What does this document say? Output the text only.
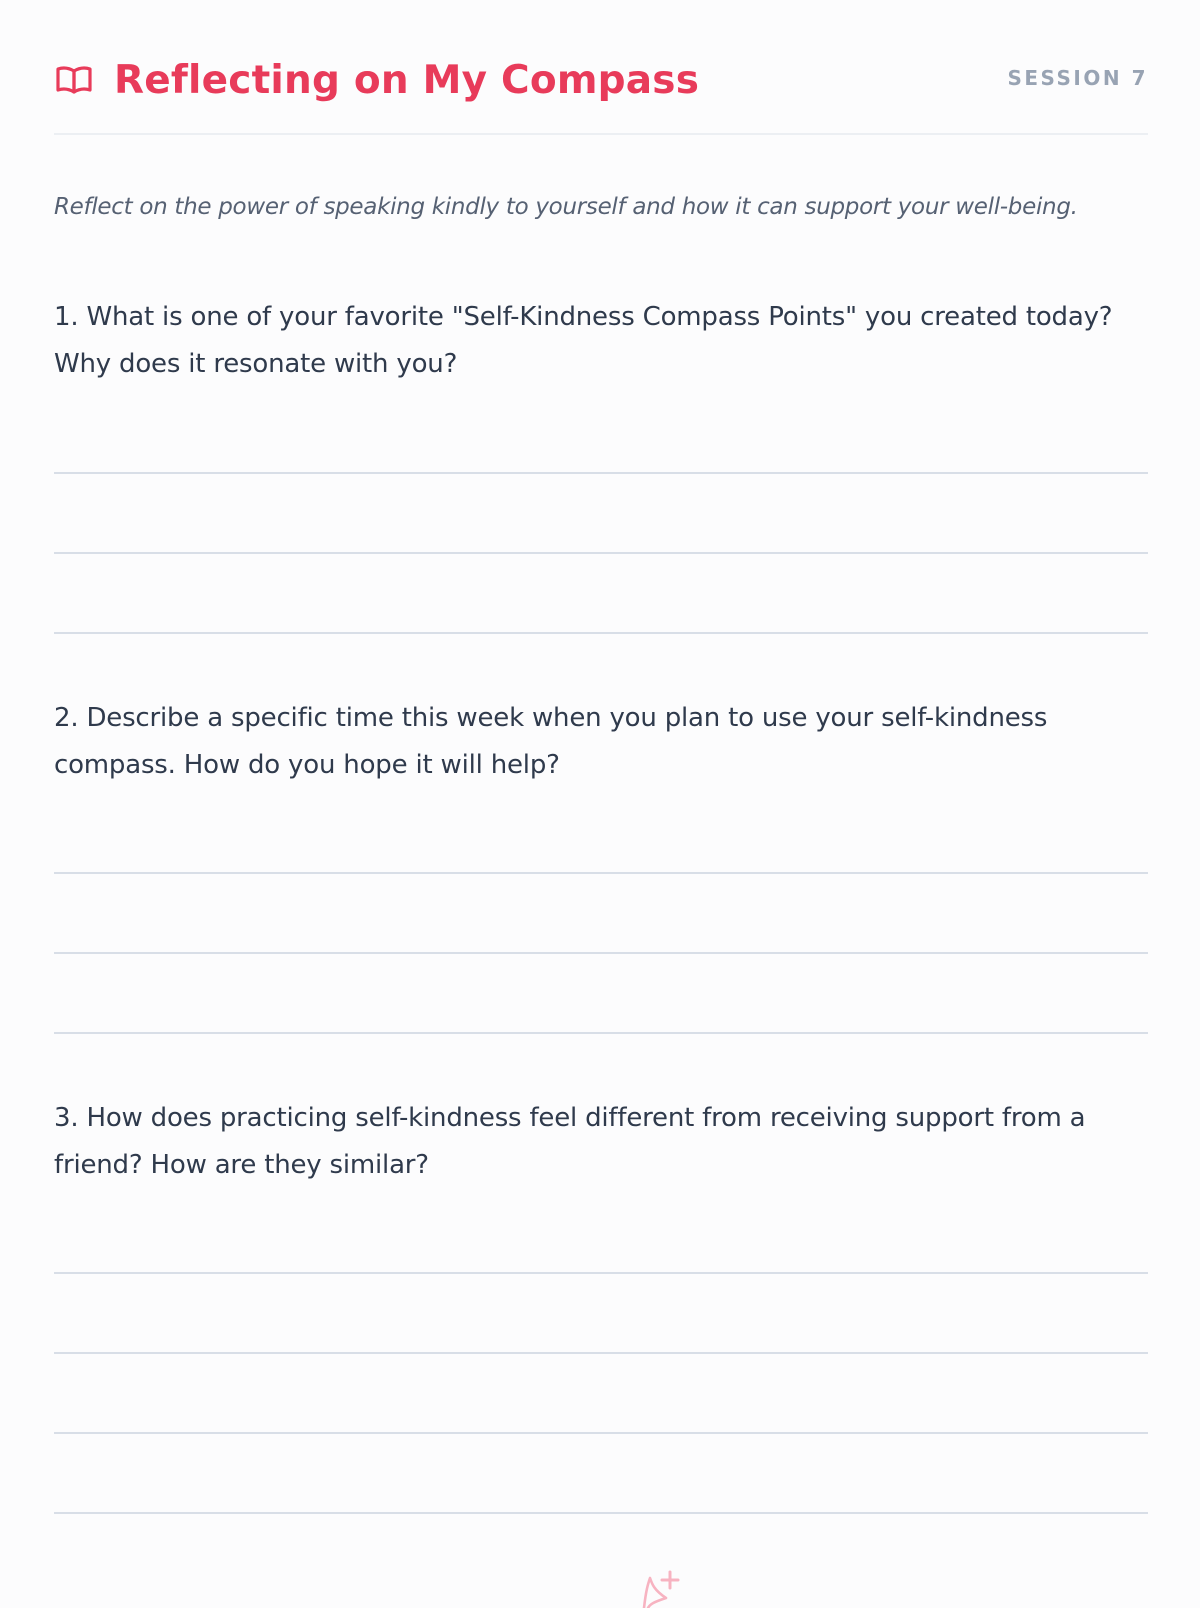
Reflecting on My Compass	SESSION 7
Reflect on the power of speaking kindly to yourself and how it can support your well-being.

1. What is one of your favorite "Self-Kindness Compass Points" you created today? Why does it resonate with you?

2. Describe a specific time this week when you plan to use your self-kindness compass. How do you hope it will help?

3. How does practicing self-kindness feel different from receiving support from a friend? How are they similar?
